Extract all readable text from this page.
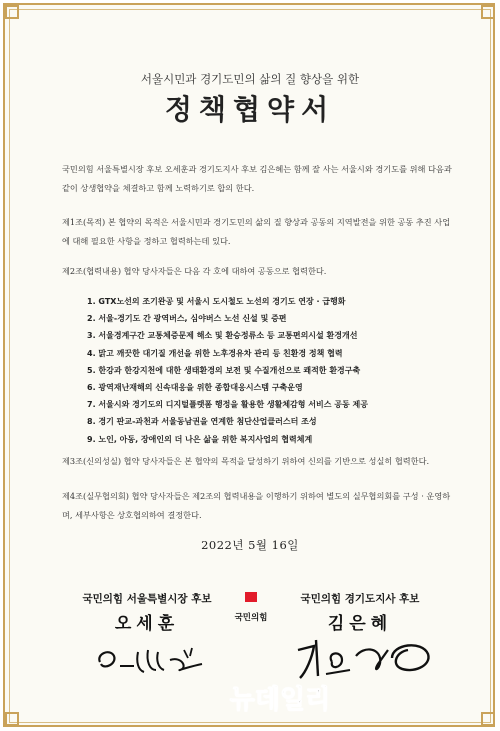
서울시민과 경기도민의 삶의 질 향상을 위한
정책협약서
국민의힘 서울특별시장 후보 오세훈과 경기도지사 후보 김은혜는 함께 잘 사는 서울시와 경기도를 위해 다음과 같이 상생협약을 체결하고 함께 노력하기로 합의 한다.
제1조(목적) 본 협약의 목적은 서울시민과 경기도민의 삶의 질 향상과 공동의 지역발전을 위한 공동 추진 사업에 대해 필요한 사항을 정하고 협력하는데 있다.
제2조(협력내용) 협약 당사자들은 다음 각 호에 대하여 공동으로 협력한다.
1. GTX노선의 조기완공 및 서울시 도시철도 노선의 경기도 연장 · 급행화
2. 서울-경기도 간 광역버스, 심야버스 노선 신설 및 증편
3. 서울경계구간 교통체증문제 해소 및 환승정류소 등 교통편의시설 환경개선
4. 맑고 깨끗한 대기질 개선을 위한 노후경유차 관리 등 친환경 정책 협력
5. 한강과 한강지천에 대한 생태환경의 보전 및 수질개선으로 쾌적한 환경구축
6. 광역재난재해의 신속대응을 위한 종합대응시스템 구축운영
7. 서울시와 경기도의 디지털플랫폼 행정을 활용한 생활체감형 서비스 공동 제공
8. 경기 판교-과천과 서울동남권을 연계한 첨단산업클러스터 조성
9. 노인, 아동, 장애인의 더 나은 삶을 위한 복지사업의 협력체계
제3조(신의성실) 협약 당사자들은 본 협약의 목적을 달성하기 위하여 신의를 기반으로 성실히 협력한다.
제4조(실무협의회) 협약 당사자들은 제2조의 협력내용을 이행하기 위하여 별도의 실무협의회를 구성 · 운영하며, 세부사항은 상호협의하여 결정한다.
2022년 5월 16일
국민의힘 서울특별시장 후보
오세훈	국민의힘
국민의힘 경기도지사 후보
김은혜
뉴데일리
